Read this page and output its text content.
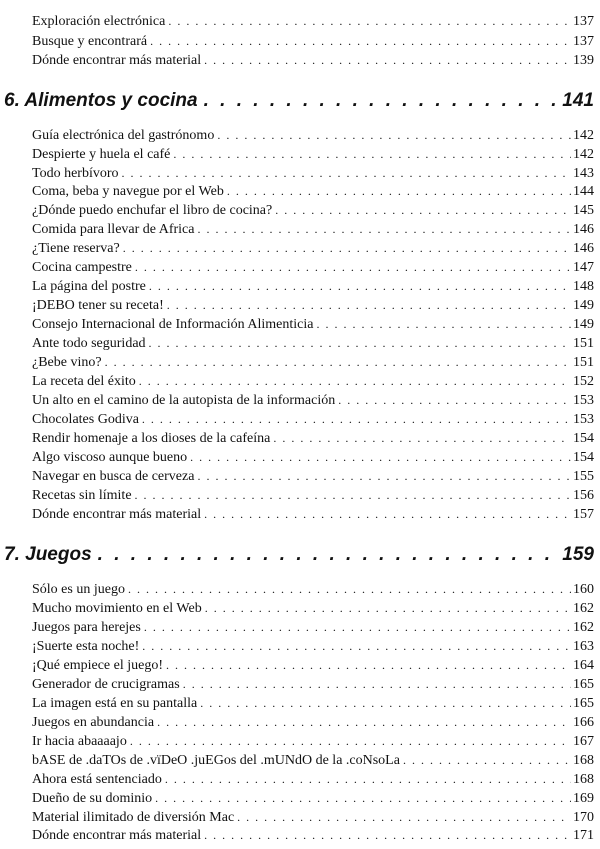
Exploración electrónica . . .	137
Busque y encontrará . . .	137
Dónde encontrar más material . . .	139
6. Alimentos y cocina . . .	141
Guía electrónica del gastrónomo . . .	142
Despierte y huela el café . . .	142
Todo herbívoro . . .	143
Coma, beba y navegue por el Web . . .	144
¿Dónde puedo enchufar el libro de cocina? . . .	145
Comida para llevar de Africa . . .	146
¿Tiene reserva? . . .	146
Cocina campestre . . .	147
La página del postre . . .	148
¡DEBO tener su receta! . . .	149
Consejo Internacional de Información Alimenticia . . .	149
Ante todo seguridad . . .	151
¿Bebe vino? . . .	151
La receta del éxito . . .	152
Un alto en el camino de la autopista de la información . . .	153
Chocolates Godiva . . .	153
Rendir homenaje a los dioses de la cafeína . . .	154
Algo viscoso aunque bueno . . .	154
Navegar en busca de cerveza . . .	155
Recetas sin límite . . .	156
Dónde encontrar más material . . .	157
7. Juegos . . .	159
Sólo es un juego . . .	160
Mucho movimiento en el Web . . .	162
Juegos para herejes . . .	162
¡Suerte esta noche! . . .	163
¡Qué empiece el juego! . . .	164
Generador de crucigramas . . .	165
La imagen está en su pantalla . . .	165
Juegos en abundancia . . .	166
Ir hacia abaaaajo . . .	167
bASE de .daTOs de .vïDeO .juEGos del .mUNdO de la .coNsoLa . . .	168
Ahora está sentenciado . . .	168
Dueño de su dominio . . .	169
Material ilimitado de diversión Mac . . .	170
Dónde encontrar más material . . .	171
